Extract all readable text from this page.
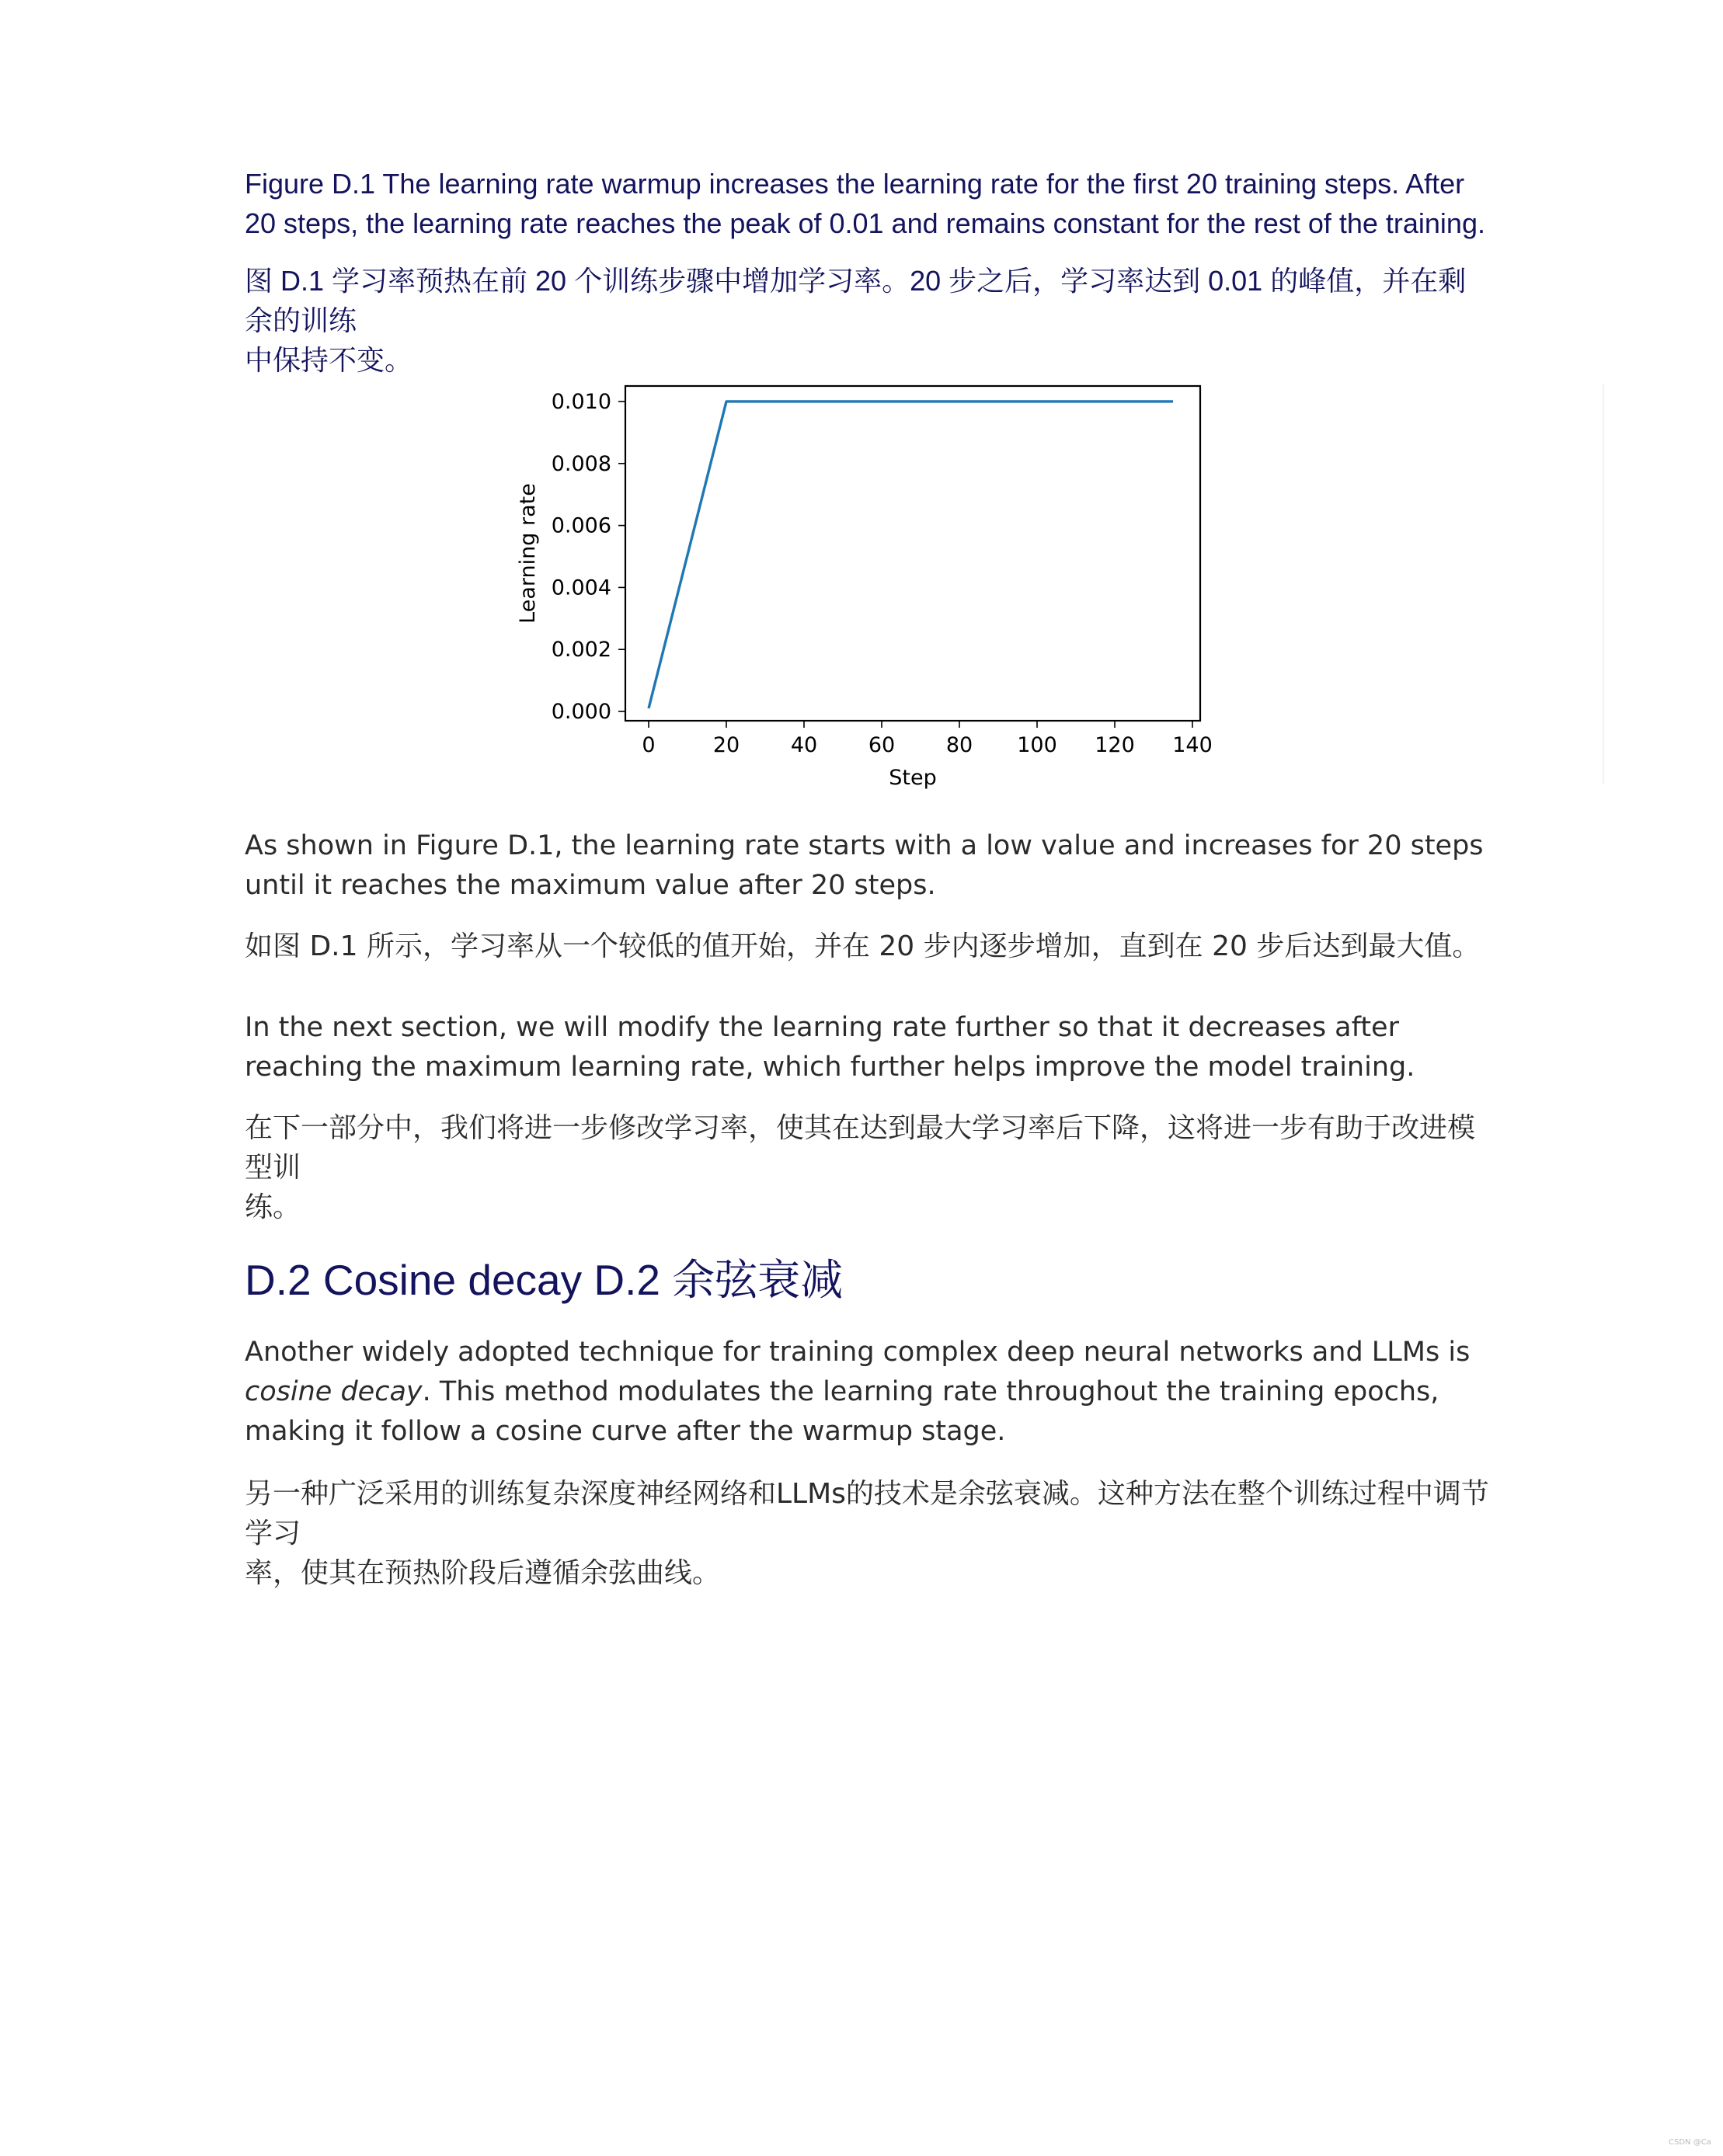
Figure D.1 The learning rate warmup increases the learning rate for the first 20 training steps. After 20 steps, the learning rate reaches the peak of 0.01 and remains constant for the rest of the training.

图 D.1 学习率预热在前 20 个训练步骤中增加学习率。20 步之后，学习率达到 0.01 的峰值，并在剩余的训练
中保持不变。

0	20 40 60 80 100 120 140
0.000
0.002
0.004
0.006
0.008
0.010
Step
Learning rate

As shown in Figure D.1, the learning rate starts with a low value and increases for 20 steps
until it reaches the maximum value after 20 steps.

如图 D.1 所示，学习率从一个较低的值开始，并在 20 步内逐步增加，直到在 20 步后达到最大值。

In the next section, we will modify the learning rate further so that it decreases after
reaching the maximum learning rate, which further helps improve the model training.

在下一部分中，我们将进一步修改学习率，使其在达到最大学习率后下降，这将进一步有助于改进模型训
练。

D.2 Cosine decay D.2 余弦衰减

Another widely adopted technique for training complex deep neural networks and LLMs is
cosine decay. This method modulates the learning rate throughout the training epochs,
making it follow a cosine curve after the warmup stage.

另一种广泛采用的训练复杂深度神经网络和LLMs的技术是余弦衰减。这种方法在整个训练过程中调节学习
率，使其在预热阶段后遵循余弦曲线。

CSDN @Ca
